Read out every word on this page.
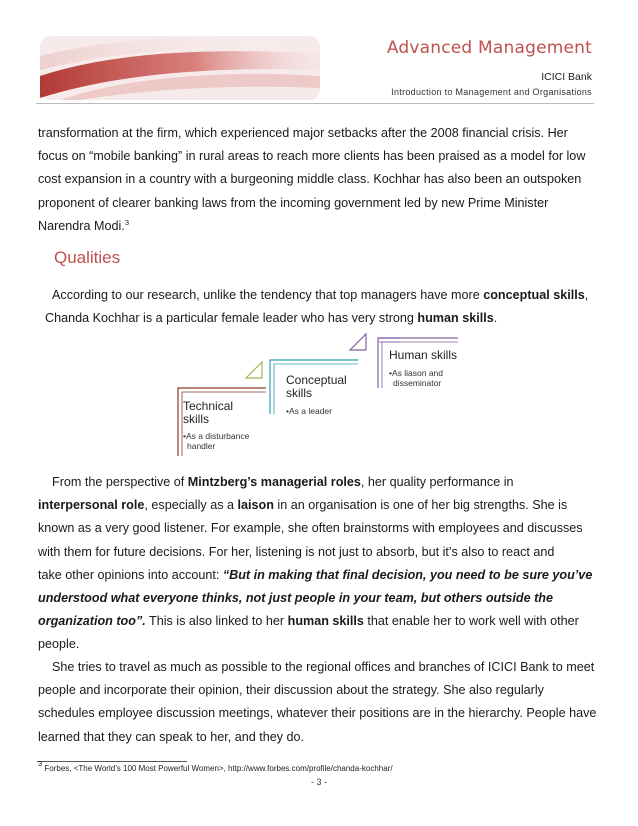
Advanced Management
ICICI Bank
Introduction to Management and Organisations

transformation at the firm, which experienced major setbacks after the 2008 financial crisis. Her
focus on “mobile banking” in rural areas to reach more clients has been praised as a model for low
cost expansion in a country with a burgeoning middle class. Kochhar has also been an outspoken
proponent of clearer banking laws from the incoming government led by new Prime Minister
Narendra Modi.$^3$

Qualities

According to our research, unlike the tendency that top managers have more conceptual skills,
Chanda Kochhar is a particular female leader who has very strong human skills.

Technical
skills
•As a disturbance
handler
Conceptual
skills
•As a leader
Human skills
•As liason and
disseminator

From the perspective of Mintzberg’s managerial roles, her quality performance in
interpersonal role, especially as a laison in an organisation is one of her big strengths. She is
known as a very good listener. For example, she often brainstorms with employees and discusses
with them for future decisions. For her, listening is not just to absorb, but it’s also to react and
take other opinions into account: “But in making that final decision, you need to be sure you’ve
understood what everyone thinks, not just people in your team, but others outside the
organization too”. This is also linked to her human skills that enable her to work well with other
people.

She tries to travel as much as possible to the regional offices and branches of ICICI Bank to meet
people and incorporate their opinion, their discussion about the strategy. She also regularly
schedules employee discussion meetings, whatever their positions are in the hierarchy. People have
learned that they can speak to her, and they do.

$^3$ Forbes, <The World’s 100 Most Powerful Women>, http://www.forbes.com/profile/chanda-kochhar/

- 3 -
